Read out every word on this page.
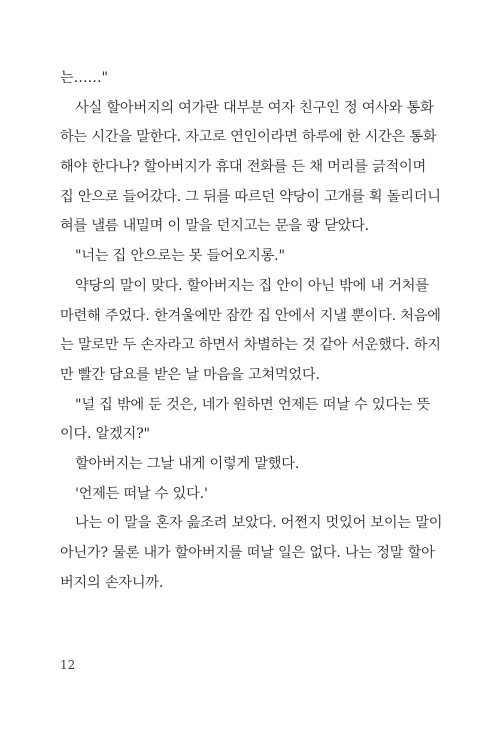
는……"
사실 할아버지의 여가란 대부분 여자 친구인 정 여사와 통화
하는 시간을 말한다. 자고로 연인이라면 하루에 한 시간은 통화
해야 한다나? 할아버지가 휴대 전화를 든 채 머리를 긁적이며
집 안으로 들어갔다. 그 뒤를 따르던 약당이 고개를 획 돌리더니
혀를 낼름 내밀며 이 말을 던지고는 문을 쾅 닫았다.
"너는 집 안으로는 못 들어오지롱."
약당의 말이 맞다. 할아버지는 집 안이 아닌 밖에 내 거처를
마련해 주었다. 한겨울에만 잠깐 집 안에서 지낼 뿐이다. 처음에
는 말로만 두 손자라고 하면서 차별하는 것 같아 서운했다. 하지
만 빨간 담요를 받은 날 마음을 고쳐먹었다.
"널 집 밖에 둔 것은, 네가 원하면 언제든 떠날 수 있다는 뜻
이다. 알겠지?"
할아버지는 그날 내게 이렇게 말했다.
'언제든 떠날 수 있다.'
나는 이 말을 혼자 읊조려 보았다. 어쩐지 멋있어 보이는 말이
아닌가? 물론 내가 할아버지를 떠날 일은 없다. 나는 정말 할아
버지의 손자니까.
12
